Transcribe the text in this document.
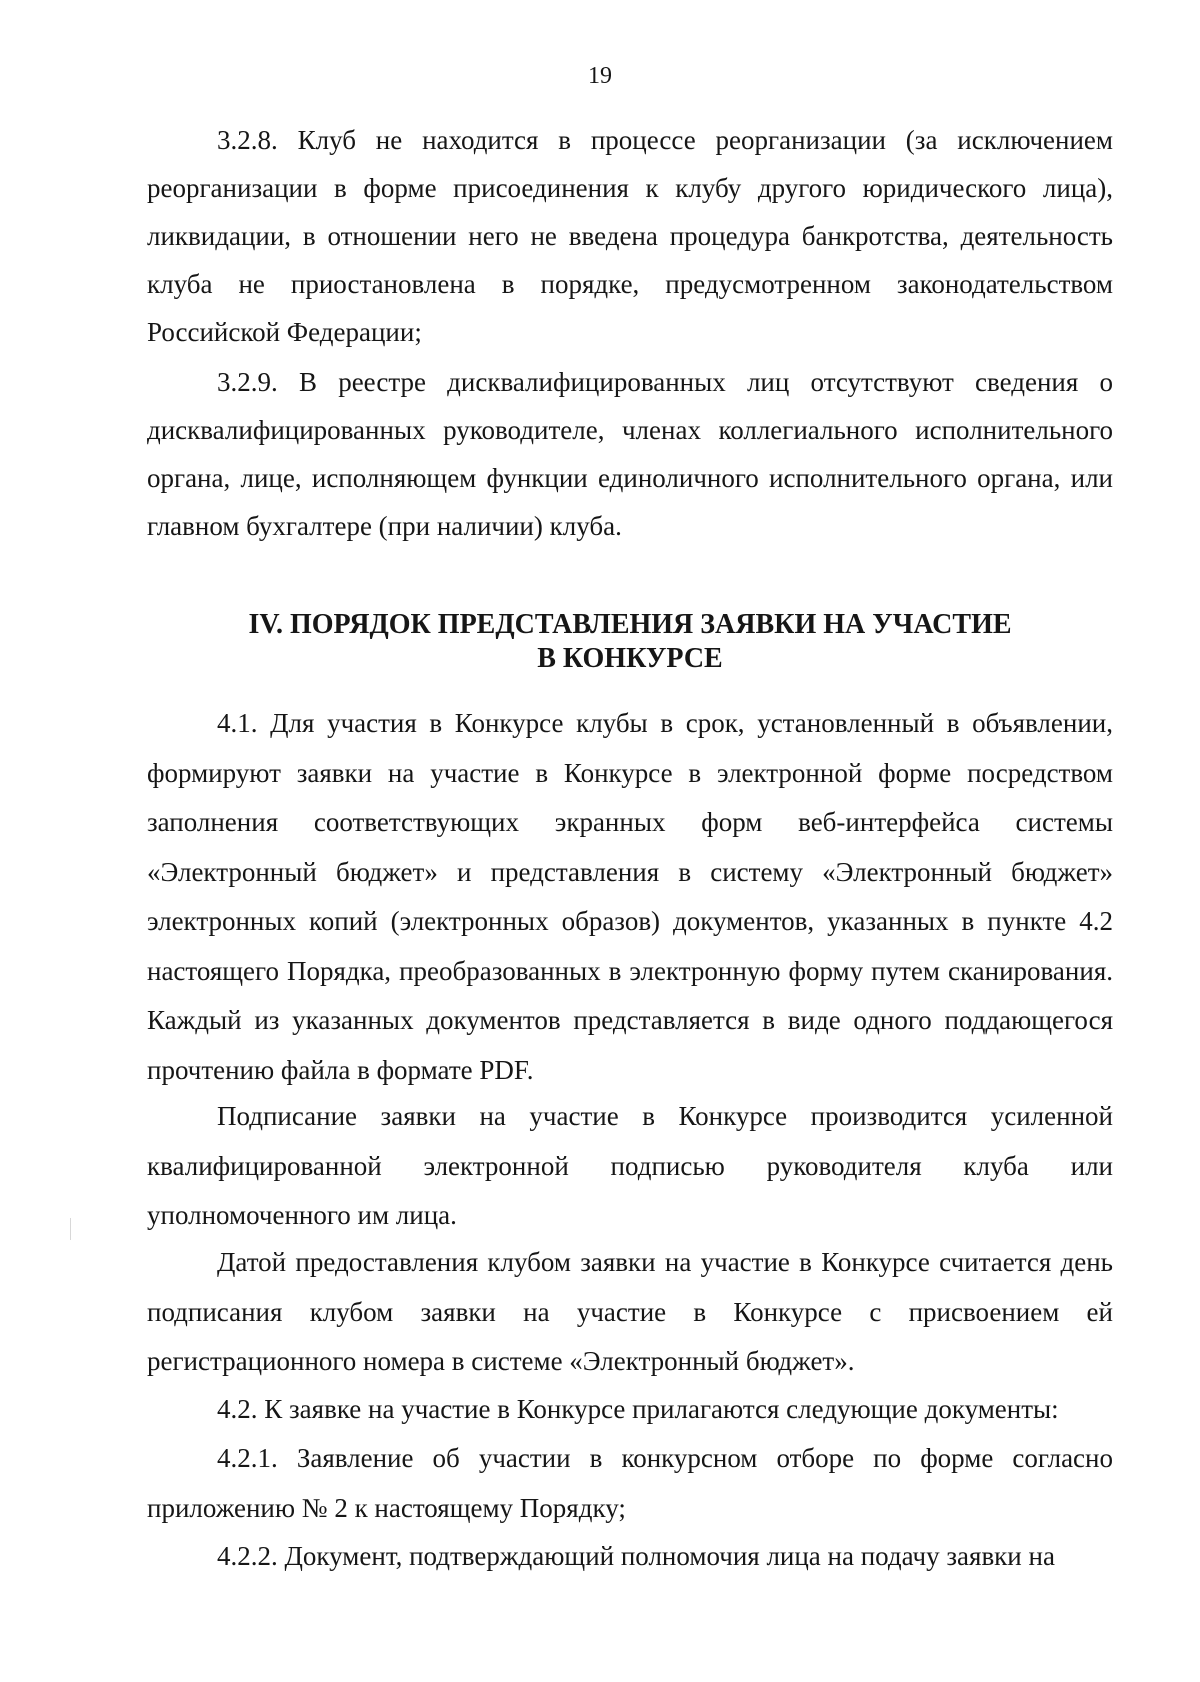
19

3.2.8. Клуб не находится в процессе реорганизации (за исключением реорганизации в форме присоединения к клубу другого юридического лица), ликвидации, в отношении него не введена процедура банкротства, деятельность клуба не приостановлена в порядке, предусмотренном законодательством Российской Федерации;

3.2.9. В реестре дисквалифицированных лиц отсутствуют сведения о дисквалифицированных руководителе, членах коллегиального исполнительного органа, лице, исполняющем функции единоличного исполнительного органа, или главном бухгалтере (при наличии) клуба.

IV. ПОРЯДОК ПРЕДСТАВЛЕНИЯ ЗАЯВКИ НА УЧАСТИЕ
В КОНКУРСЕ

4.1. Для участия в Конкурсе клубы в срок, установленный в объявлении, формируют заявки на участие в Конкурсе в электронной форме посредством заполнения соответствующих экранных форм веб-интерфейса системы «Электронный бюджет» и представления в систему «Электронный бюджет» электронных копий (электронных образов) документов, указанных в пункте 4.2 настоящего Порядка, преобразованных в электронную форму путем сканирования. Каждый из указанных документов представляется в виде одного поддающегося прочтению файла в формате PDF.

Подписание заявки на участие в Конкурсе производится усиленной квалифицированной электронной подписью руководителя клуба или уполномоченного им лица.

Датой предоставления клубом заявки на участие в Конкурсе считается день подписания клубом заявки на участие в Конкурсе с присвоением ей регистрационного номера в системе «Электронный бюджет».

4.2. К заявке на участие в Конкурсе прилагаются следующие документы:

4.2.1. Заявление об участии в конкурсном отборе по форме согласно приложению № 2 к настоящему Порядку;

4.2.2. Документ, подтверждающий полномочия лица на подачу заявки на
